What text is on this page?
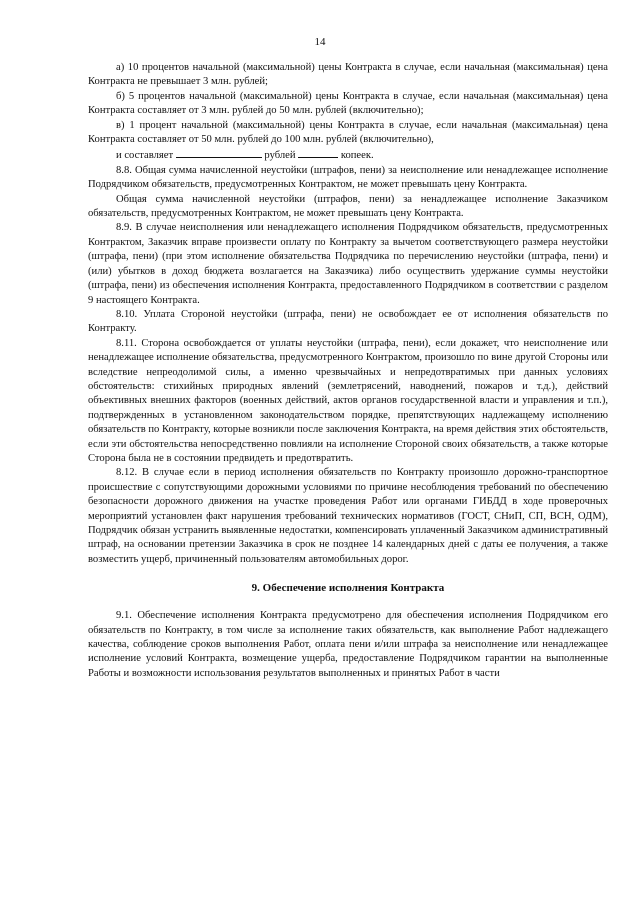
14

а) 10 процентов начальной (максимальной) цены Контракта в случае, если начальная (максимальная) цена Контракта не превышает 3 млн. рублей;

б) 5 процентов начальной (максимальной) цены Контракта в случае, если начальная (максимальная) цена Контракта составляет от 3 млн. рублей до 50 млн. рублей (включительно);

в) 1 процент начальной (максимальной) цены Контракта в случае, если начальная (максимальная) цена Контракта составляет от 50 млн. рублей до 100 млн. рублей (включительно),

и составляет	рублей	копеек.

8.8. Общая сумма начисленной неустойки (штрафов, пени) за неисполнение или ненадлежащее исполнение Подрядчиком обязательств, предусмотренных Контрактом, не может превышать цену Контракта.

Общая сумма начисленной неустойки (штрафов, пени) за ненадлежащее исполнение Заказчиком обязательств, предусмотренных Контрактом, не может превышать цену Контракта.

8.9. В случае неисполнения или ненадлежащего исполнения Подрядчиком обязательств, предусмотренных Контрактом, Заказчик вправе произвести оплату по Контракту за вычетом соответствующего размера неустойки (штрафа, пени) (при этом исполнение обязательства Подрядчика по перечислению неустойки (штрафа, пени) и (или) убытков в доход бюджета возлагается на Заказчика) либо осуществить удержание суммы неустойки (штрафа, пени) из обеспечения исполнения Контракта, предоставленного Подрядчиком в соответствии с разделом 9 настоящего Контракта.

8.10. Уплата Стороной неустойки (штрафа, пени) не освобождает ее от исполнения обязательств по Контракту.

8.11. Сторона освобождается от уплаты неустойки (штрафа, пени), если докажет, что неисполнение или ненадлежащее исполнение обязательства, предусмотренного Контрактом, произошло по вине другой Стороны или вследствие непреодолимой силы, а именно чрезвычайных и непредотвратимых при данных условиях обстоятельств: стихийных природных явлений (землетрясений, наводнений, пожаров и т.д.), действий объективных внешних факторов (военных действий, актов органов государственной власти и управления и т.п.), подтвержденных в установленном законодательством порядке, препятствующих надлежащему исполнению обязательств по Контракту, которые возникли после заключения Контракта, на время действия этих обстоятельств, если эти обстоятельства непосредственно повлияли на исполнение Стороной своих обязательств, а также которые Сторона была не в состоянии предвидеть и предотвратить.

8.12. В случае если в период исполнения обязательств по Контракту произошло дорожно-транспортное происшествие с сопутствующими дорожными условиями по причине несоблюдения требований по обеспечению безопасности дорожного движения на участке проведения Работ или органами ГИБДД в ходе проверочных мероприятий установлен факт нарушения требований технических нормативов (ГОСТ, СНиП, СП, ВСН, ОДМ), Подрядчик обязан устранить выявленные недостатки, компенсировать уплаченный Заказчиком административный штраф, на основании претензии Заказчика в срок не позднее 14 календарных дней с даты ее получения, а также возместить ущерб, причиненный пользователям автомобильных дорог.

9. Обеспечение исполнения Контракта

9.1. Обеспечение исполнения Контракта предусмотрено для обеспечения исполнения Подрядчиком его обязательств по Контракту, в том числе за исполнение таких обязательств, как выполнение Работ надлежащего качества, соблюдение сроков выполнения Работ, оплата пени и/или штрафа за неисполнение или ненадлежащее исполнение условий Контракта, возмещение ущерба, предоставление Подрядчиком гарантии на выполненные Работы и возможности использования результатов выполненных и принятых Работ в части
